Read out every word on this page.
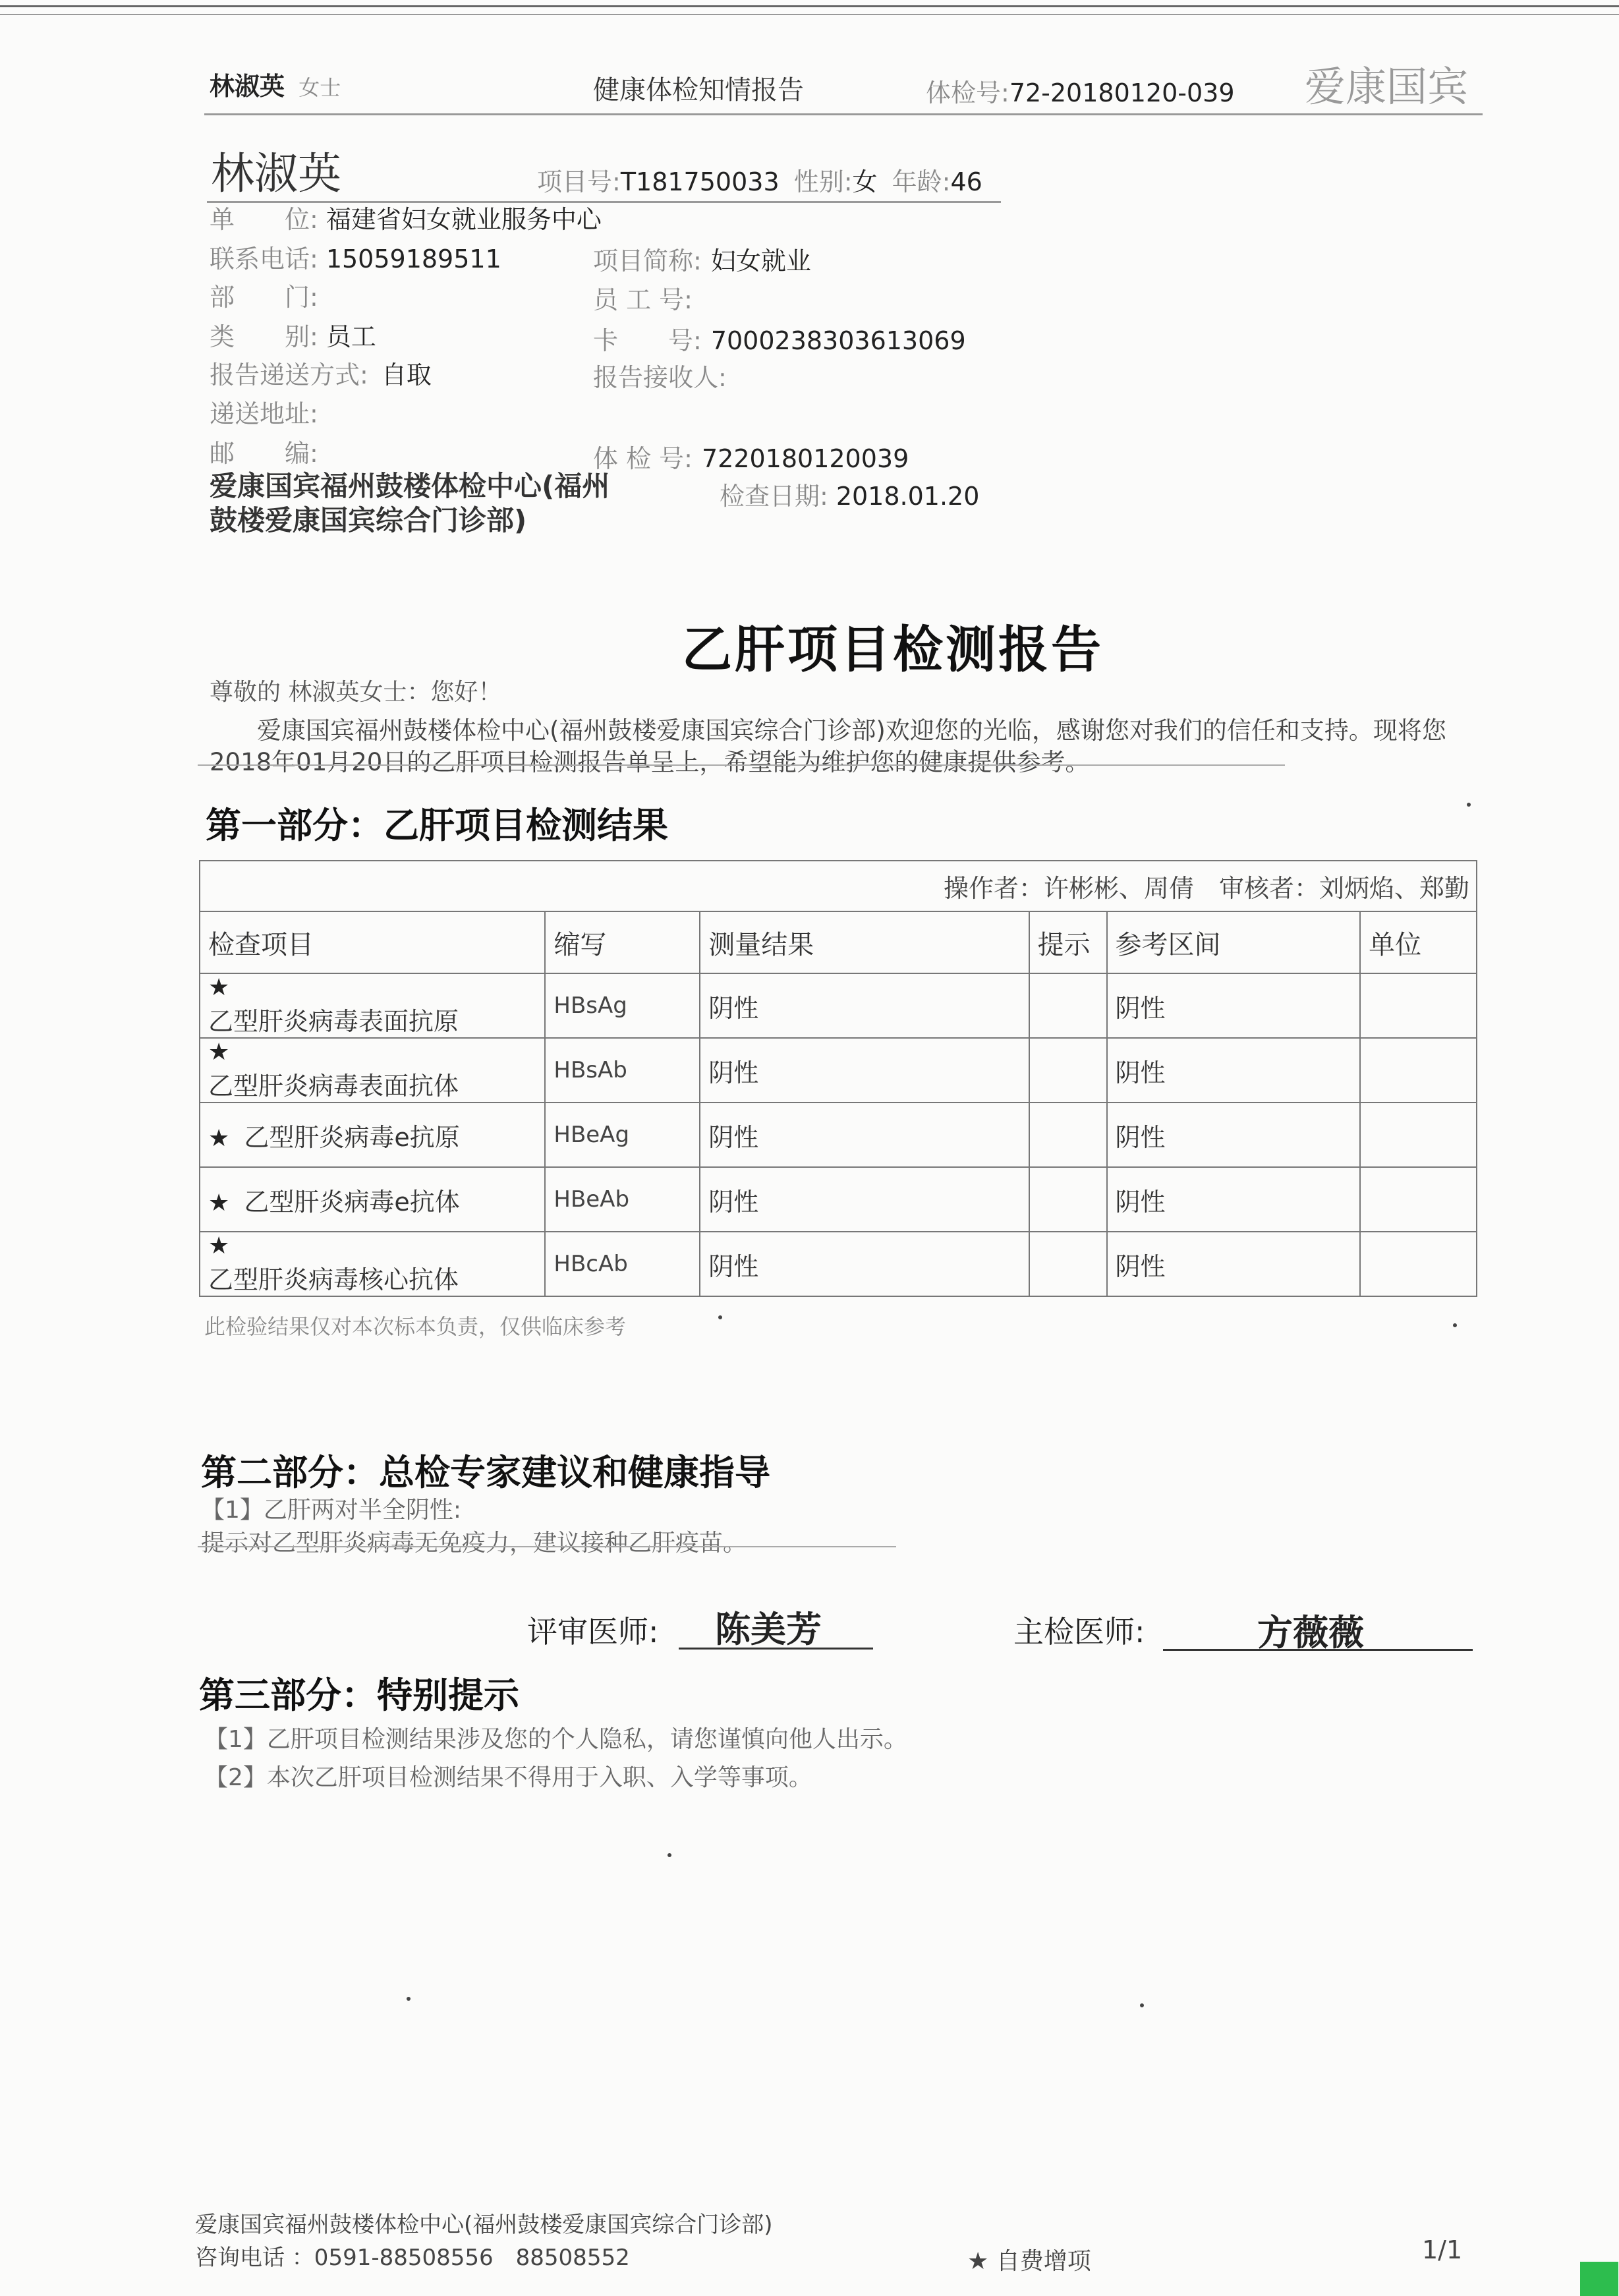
林淑英 女士	健康体检知情报告	体检号:72-20180120-039 爱康国宾
林淑英	项目号:T181750033 性别:女 年龄:46
单　　位: 福建省妇女就业服务中心
联系电话: 15059189511	项目简称: 妇女就业
部　　门:	员 工 号:
类　　别: 员工	卡　　号: 7000238303613069
报告递送方式: 自取	报告接收人:
递送地址:
邮　　编:	体 检 号: 7220180120039
爱康国宾福州鼓楼体检中心(福州鼓楼爱康国宾综合门诊部)
检查日期: 2018.01.20
乙肝项目检测报告
尊敬的 林淑英女士：您好！
爱康国宾福州鼓楼体检中心(福州鼓楼爱康国宾综合门诊部)欢迎您的光临，感谢您对我们的信任和支持。现将您2018年01月20日的乙肝项目检测报告单呈上，希望能为维护您的健康提供参考。
第一部分：乙肝项目检测结果
操作者：许彬彬、周倩　审核者：刘炳焰、郑勤					
检查项目	缩写	测量结果	提示	参考区间	单位

★
乙型肝炎病毒表面抗原	HBsAg	阴性		阴性	

★
乙型肝炎病毒表面抗体	HBsAb	阴性		阴性	
★ 乙型肝炎病毒e抗原	HBeAg	阴性		阴性	
★ 乙型肝炎病毒e抗体	HBeAb	阴性		阴性	

★
乙型肝炎病毒核心抗体	HBcAb	阴性		阴性	
此检验结果仅对本次标本负责，仅供临床参考
第二部分：总检专家建议和健康指导
【1】乙肝两对半全阴性:
提示对乙型肝炎病毒无免疫力，建议接种乙肝疫苗。
评审医师: 陈美芳	主检医师:	方薇薇
第三部分：特别提示
【1】乙肝项目检测结果涉及您的个人隐私，请您谨慎向他人出示。
【2】本次乙肝项目检测结果不得用于入职、入学等事项。
爱康国宾福州鼓楼体检中心(福州鼓楼爱康国宾综合门诊部)
咨询电话 ：0591-88508556　88508552	★ 自费增项	1/1
